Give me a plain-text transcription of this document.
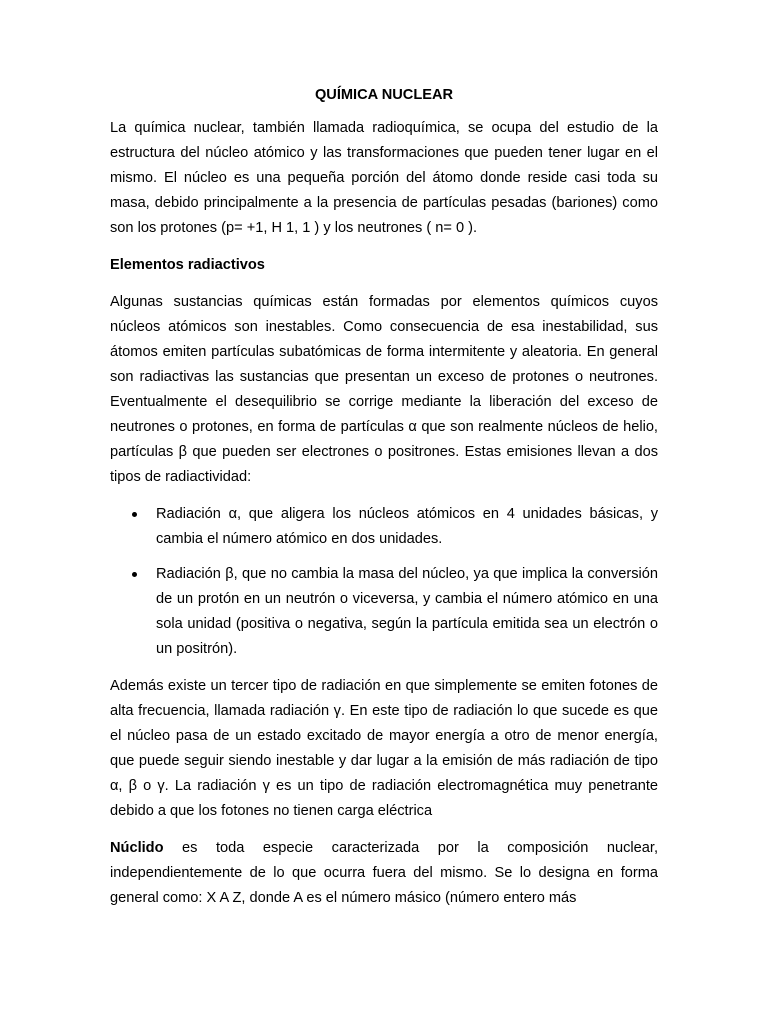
QUÍMICA NUCLEAR

La química nuclear, también llamada radioquímica, se ocupa del estudio de la estructura del núcleo atómico y las transformaciones que pueden tener lugar en el mismo. El núcleo es una pequeña porción del átomo donde reside casi toda su masa, debido principalmente a la presencia de partículas pesadas (bariones) como son los protones (p= +1, H 1, 1 ) y los neutrones ( n= 0 ).

Elementos radiactivos

Algunas sustancias químicas están formadas por elementos químicos cuyos núcleos atómicos son inestables. Como consecuencia de esa inestabilidad, sus átomos emiten partículas subatómicas de forma intermitente y aleatoria. En general son radiactivas las sustancias que presentan un exceso de protones o neutrones. Eventualmente el desequilibrio se corrige mediante la liberación del exceso de neutrones o protones, en forma de partículas α que son realmente núcleos de helio, partículas β que pueden ser electrones o positrones. Estas emisiones llevan a dos tipos de radiactividad:

Radiación α, que aligera los núcleos atómicos en 4 unidades básicas, y cambia el número atómico en dos unidades.
Radiación β, que no cambia la masa del núcleo, ya que implica la conversión de un protón en un neutrón o viceversa, y cambia el número atómico en una sola unidad (positiva o negativa, según la partícula emitida sea un electrón o un positrón).

Además existe un tercer tipo de radiación en que simplemente se emiten fotones de alta frecuencia, llamada radiación γ. En este tipo de radiación lo que sucede es que el núcleo pasa de un estado excitado de mayor energía a otro de menor energía, que puede seguir siendo inestable y dar lugar a la emisión de más radiación de tipo α, β o γ. La radiación γ es un tipo de radiación electromagnética muy penetrante debido a que los fotones no tienen carga eléctrica

Núclido es toda especie caracterizada por la composición nuclear, independientemente de lo que ocurra fuera del mismo. Se lo designa en forma general como: X A Z, donde A es el número másico (número entero más
